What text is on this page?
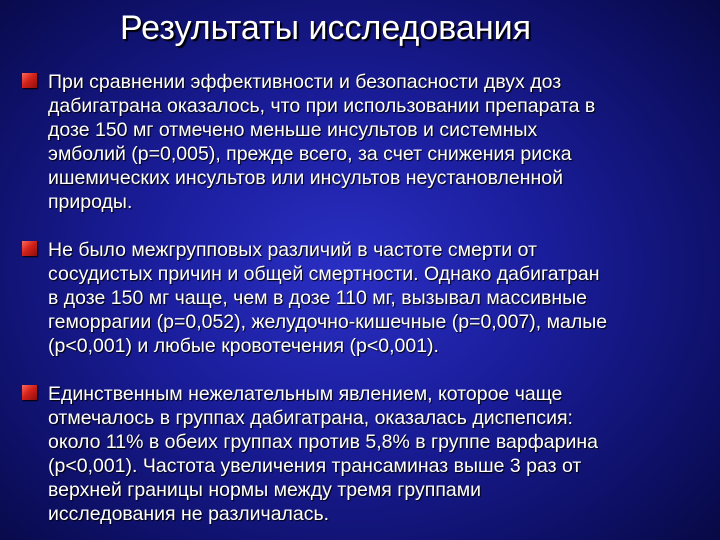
Результаты исследования

При сравнении эффективности и безопасности двух доз
дабигатрана оказалось, что при использовании препарата в
дозе 150 мг отмечено меньше инсультов и системных
эмболий (р=0,005), прежде всего, за счет снижения риска
ишемических инсультов или инсультов неустановленной
природы.

Не было межгрупповых различий в частоте смерти от
сосудистых причин и общей смертности. Однако дабигатран
в дозе 150 мг чаще, чем в дозе 110 мг, вызывал массивные
геморрагии (р=0,052), желудочно-кишечные (р=0,007), малые
(р<0,001) и любые кровотечения (р<0,001).

Единственным нежелательным явлением, которое чаще
отмечалось в группах дабигатрана, оказалась диспепсия:
около 11% в обеих группах против 5,8% в группе варфарина
(р<0,001). Частота увеличения трансаминаз выше 3 раз от
верхней границы нормы между тремя группами
исследования не различалась.
